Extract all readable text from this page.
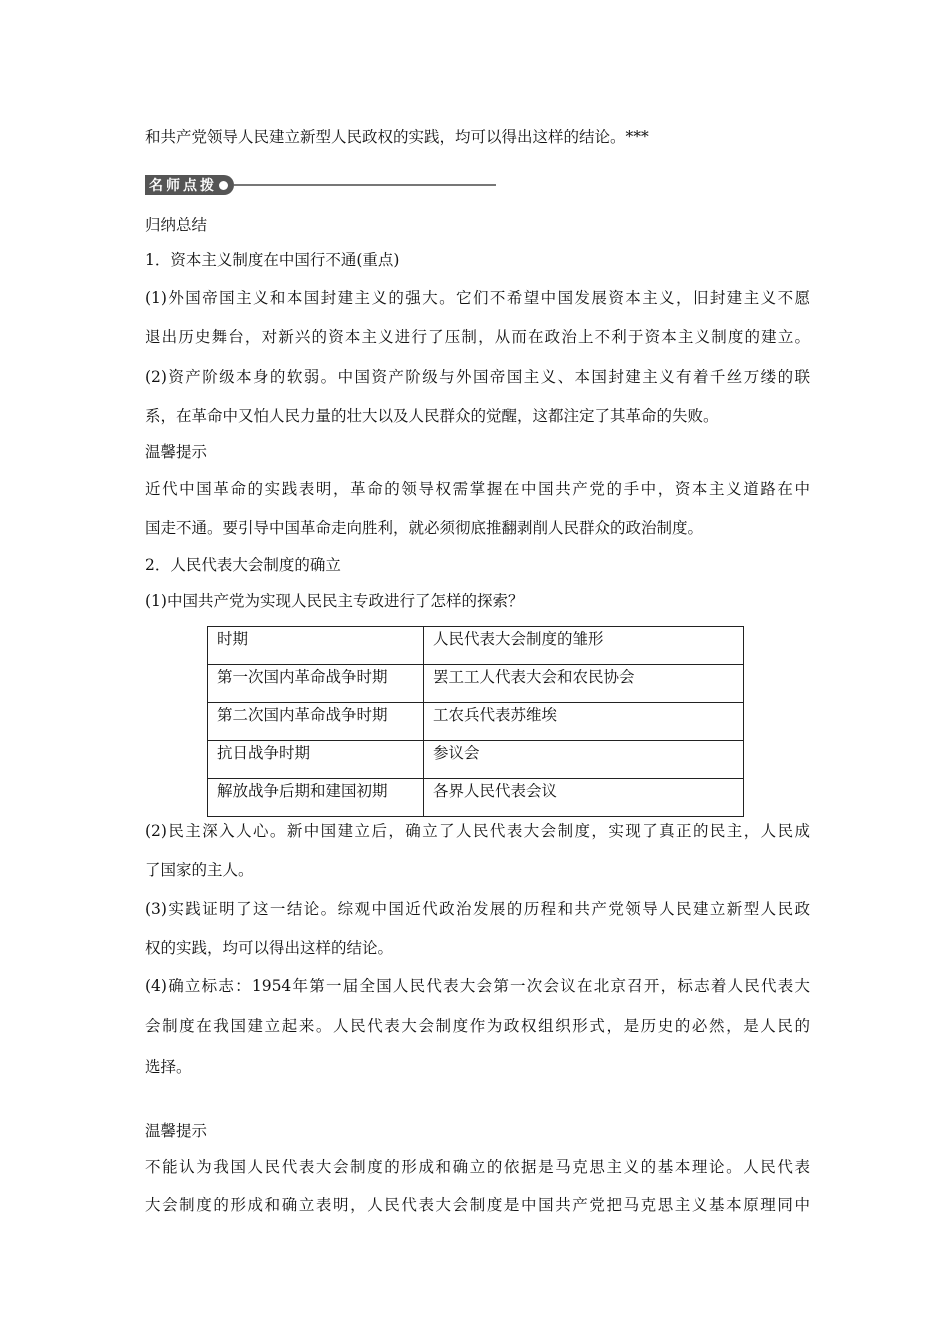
和共产党领导人民建立新型人民政权的实践，均可以得出这样的结论。***
名师点拨
归纳总结
1．资本主义制度在中国行不通(重点)
(1)外国帝国主义和本国封建主义的强大。它们不希望中国发展资本主义，旧封建主义不愿
退出历史舞台，对新兴的资本主义进行了压制，从而在政治上不利于资本主义制度的建立。
(2)资产阶级本身的软弱。中国资产阶级与外国帝国主义、本国封建主义有着千丝万缕的联
系，在革命中又怕人民力量的壮大以及人民群众的觉醒，这都注定了其革命的失败。
温馨提示
近代中国革命的实践表明，革命的领导权需掌握在中国共产党的手中，资本主义道路在中
国走不通。要引导中国革命走向胜利，就必须彻底推翻剥削人民群众的政治制度。
2．人民代表大会制度的确立
(1)中国共产党为实现人民民主专政进行了怎样的探索？
时期	人民代表大会制度的雏形
第一次国内革命战争时期	罢工工人代表大会和农民协会
第二次国内革命战争时期	工农兵代表苏维埃
抗日战争时期	参议会
解放战争后期和建国初期	各界人民代表会议
(2)民主深入人心。新中国建立后，确立了人民代表大会制度，实现了真正的民主，人民成
了国家的主人。
(3)实践证明了这一结论。综观中国近代政治发展的历程和共产党领导人民建立新型人民政
权的实践，均可以得出这样的结论。
(4)确立标志：1954年第一届全国人民代表大会第一次会议在北京召开，标志着人民代表大
会制度在我国建立起来。人民代表大会制度作为政权组织形式，是历史的必然，是人民的
选择。
温馨提示
不能认为我国人民代表大会制度的形成和确立的依据是马克思主义的基本理论。人民代表
大会制度的形成和确立表明，人民代表大会制度是中国共产党把马克思主义基本原理同中
